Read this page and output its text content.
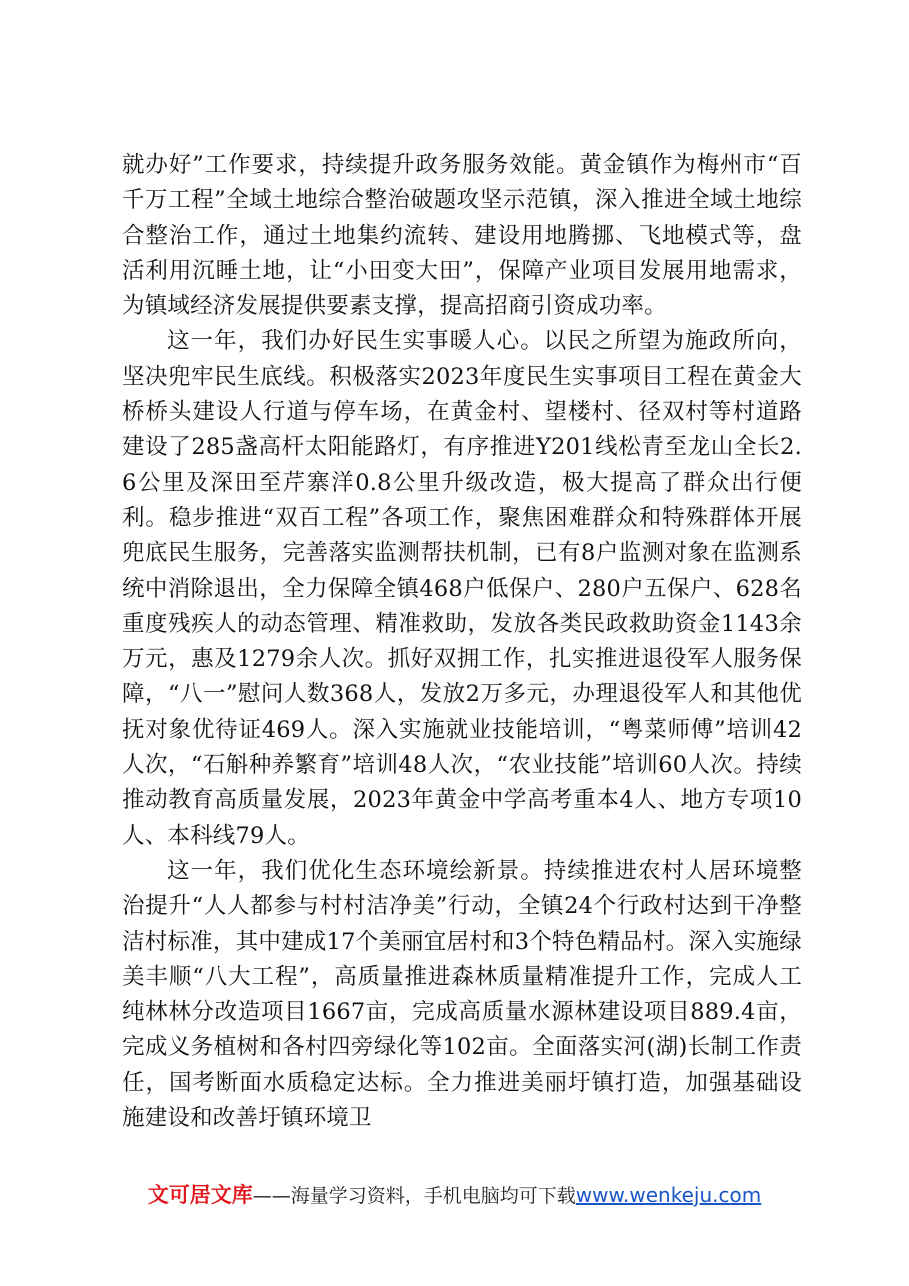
就办好”工作要求，持续提升政务服务效能。黄金镇作为梅州市“百千万工程”全域土地综合整治破题攻坚示范镇，深入推进全域土地综合整治工作，通过土地集约流转、建设用地腾挪、飞地模式等，盘活利用沉睡土地，让“小田变大田”，保障产业项目发展用地需求，为镇域经济发展提供要素支撑，提高招商引资成功率。

这一年，我们办好民生实事暖人心。以民之所望为施政所向，坚决兜牢民生底线。积极落实2023年度民生实事项目工程在黄金大桥桥头建设人行道与停车场，在黄金村、望楼村、径双村等村道路建设了285盏高杆太阳能路灯，有序推进Y201线松青至龙山全长2.6公里及深田至芹寨洋0.8公里升级改造，极大提高了群众出行便利。稳步推进“双百工程”各项工作，聚焦困难群众和特殊群体开展兜底民生服务，完善落实监测帮扶机制，已有8户监测对象在监测系统中消除退出，全力保障全镇468户低保户、280户五保户、628名重度残疾人的动态管理、精准救助，发放各类民政救助资金1143余万元，惠及1279余人次。抓好双拥工作，扎实推进退役军人服务保障，“八一”慰问人数368人，发放2万多元，办理退役军人和其他优抚对象优待证469人。深入实施就业技能培训，“粤菜师傅”培训42人次，“石斛种养繁育”培训48人次，“农业技能”培训60人次。持续推动教育高质量发展，2023年黄金中学高考重本4人、地方专项10人、本科线79人。

这一年，我们优化生态环境绘新景。持续推进农村人居环境整治提升“人人都参与村村洁净美”行动，全镇24个行政村达到干净整洁村标准，其中建成17个美丽宜居村和3个特色精品村。深入实施绿美丰顺“八大工程”，高质量推进森林质量精准提升工作，完成人工纯林林分改造项目1667亩，完成高质量水源林建设项目889.4亩，完成义务植树和各村四旁绿化等102亩。全面落实河(湖)长制工作责任，国考断面水质稳定达标。全力推进美丽圩镇打造，加强基础设施建设和改善圩镇环境卫

文可居文库——海量学习资料，手机电脑均可下载www.wenkeju.com
